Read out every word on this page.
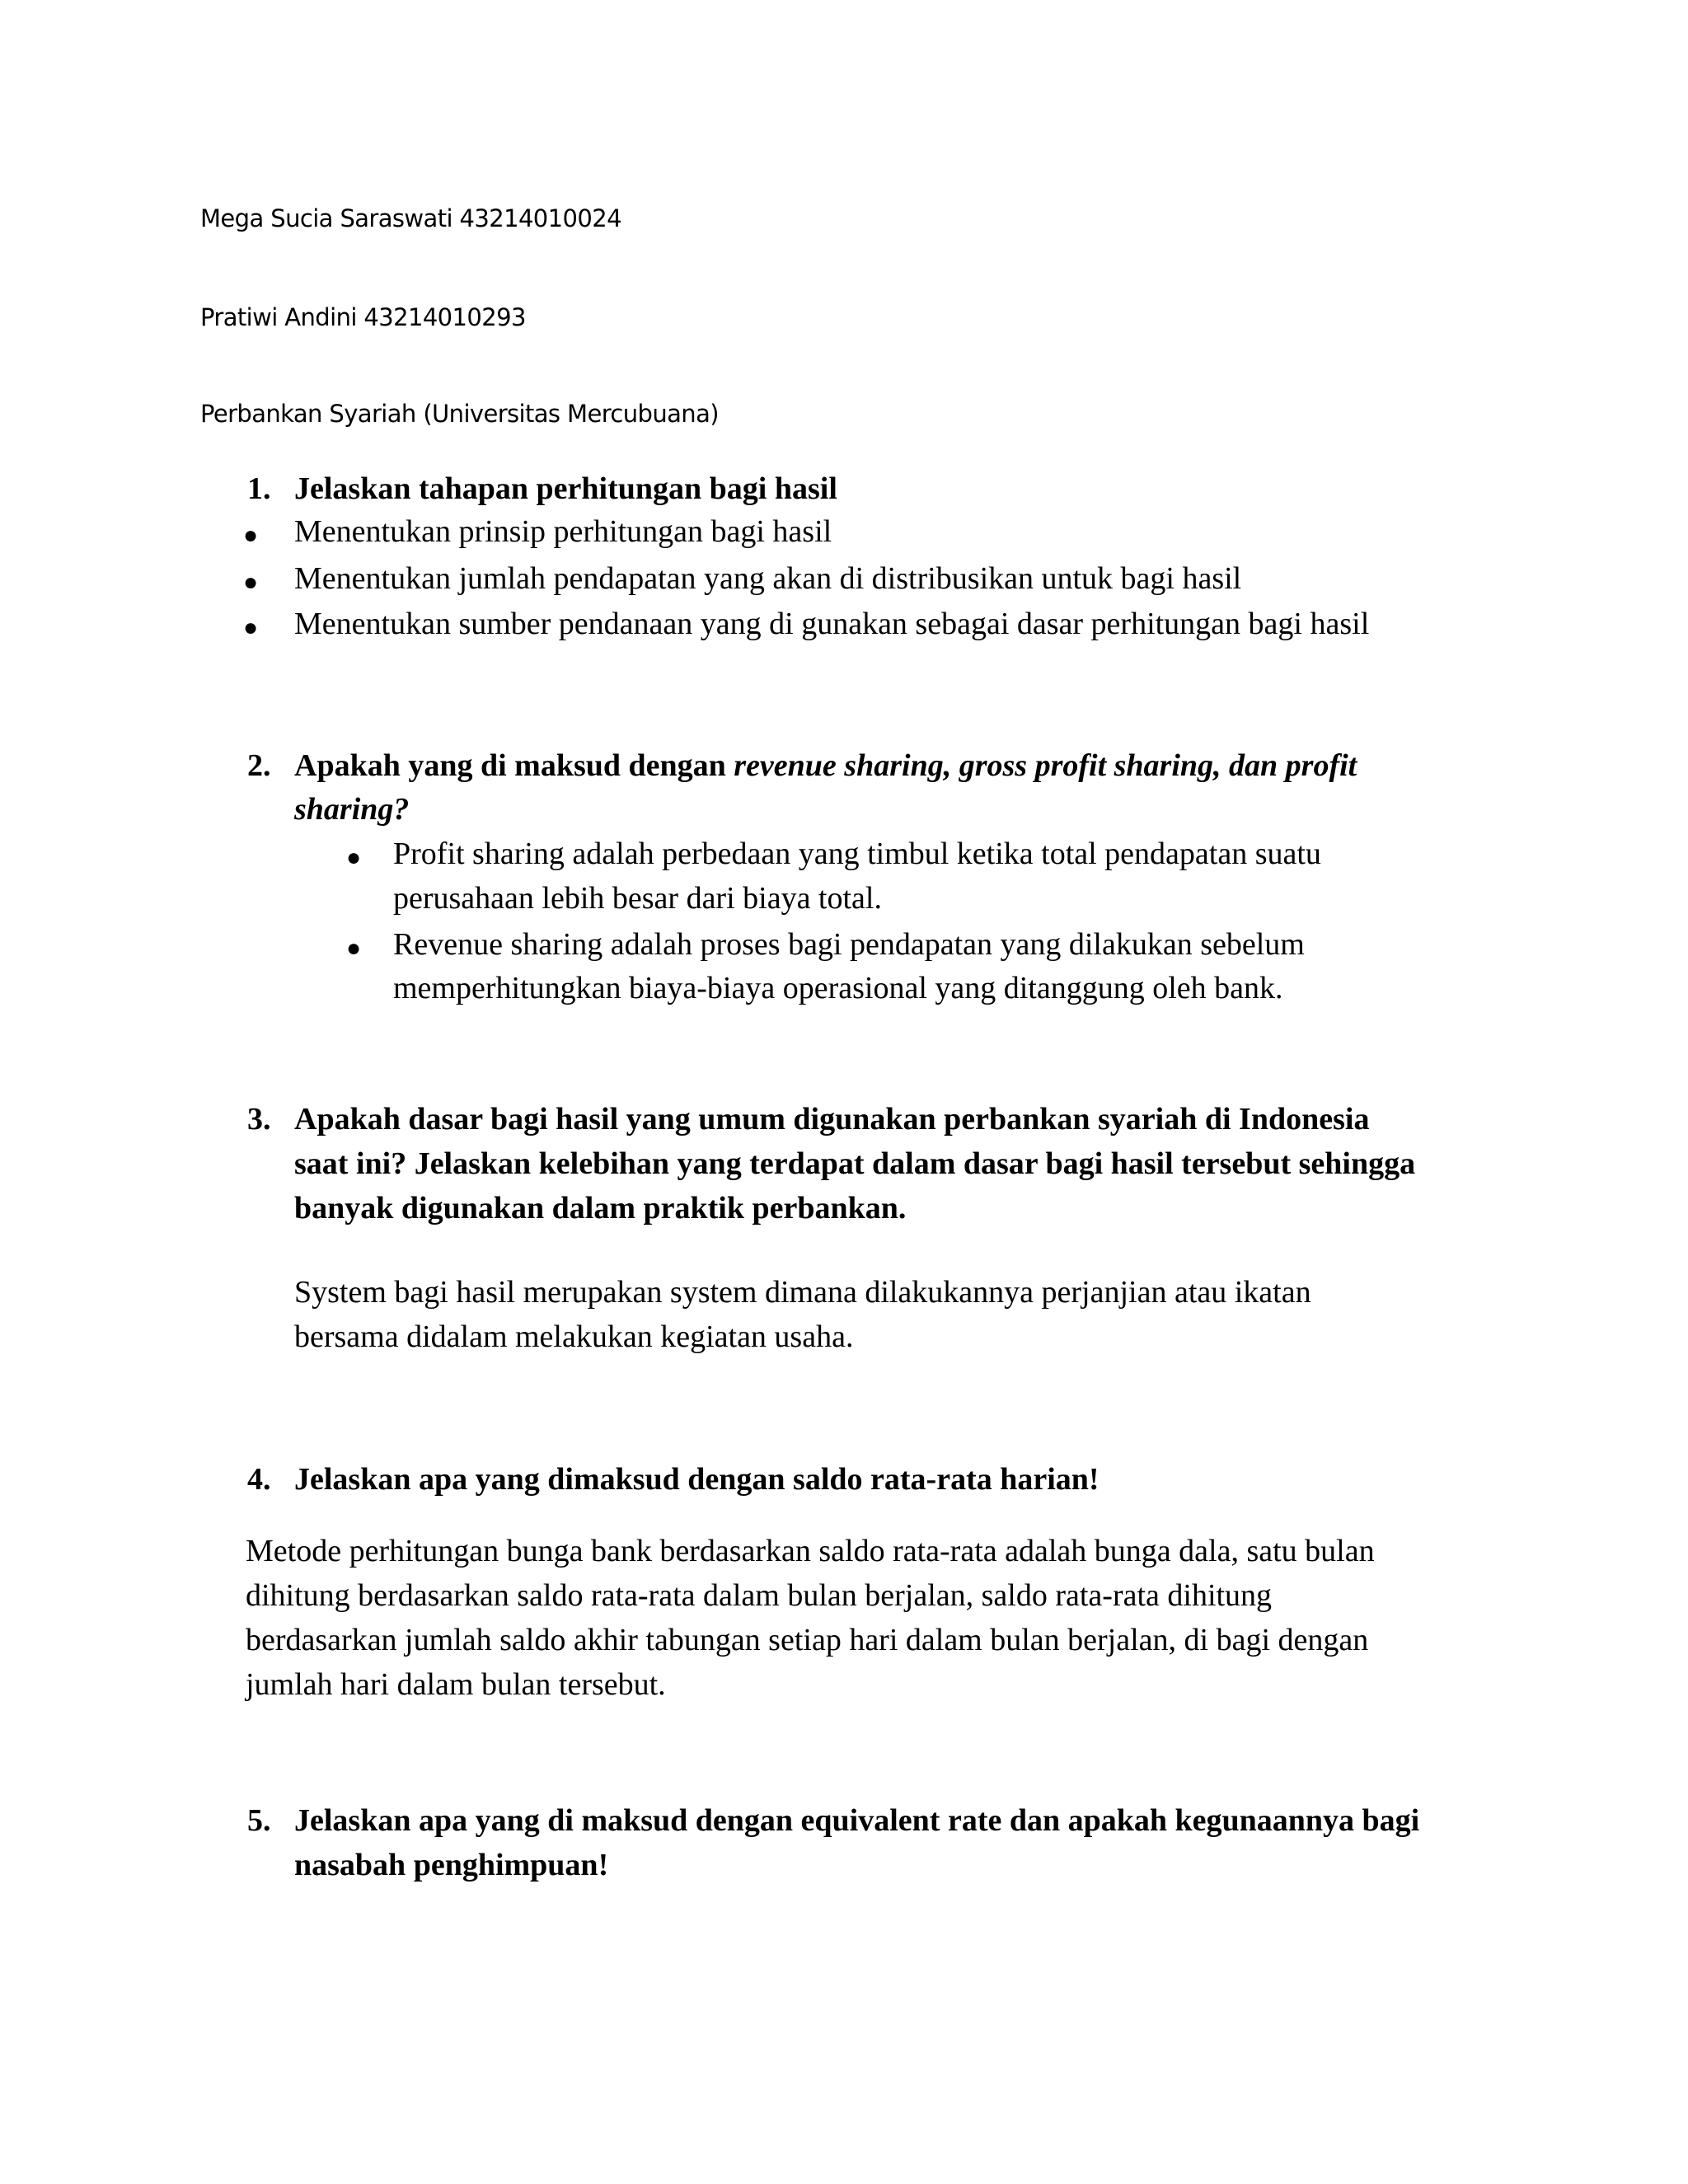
Mega Sucia Saraswati 43214010024
Pratiwi Andini 43214010293
Perbankan Syariah (Universitas Mercubuana)
1. Jelaskan tahapan perhitungan bagi hasil
● Menentukan prinsip perhitungan bagi hasil
● Menentukan jumlah pendapatan yang akan di distribusikan untuk bagi hasil
● Menentukan sumber pendanaan yang di gunakan sebagai dasar perhitungan bagi hasil
2. Apakah yang di maksud dengan revenue sharing, gross profit sharing, dan profit
sharing?
● Profit sharing adalah perbedaan yang timbul ketika total pendapatan suatu
perusahaan lebih besar dari biaya total.
● Revenue sharing adalah proses bagi pendapatan yang dilakukan sebelum
memperhitungkan biaya-biaya operasional yang ditanggung oleh bank.
3. Apakah dasar bagi hasil yang umum digunakan perbankan syariah di Indonesia
saat ini? Jelaskan kelebihan yang terdapat dalam dasar bagi hasil tersebut sehingga
banyak digunakan dalam praktik perbankan.
System bagi hasil merupakan system dimana dilakukannya perjanjian atau ikatan
bersama didalam melakukan kegiatan usaha.
4. Jelaskan apa yang dimaksud dengan saldo rata-rata harian!
Metode perhitungan bunga bank berdasarkan saldo rata-rata adalah bunga dala, satu bulan
dihitung berdasarkan saldo rata-rata dalam bulan berjalan, saldo rata-rata dihitung
berdasarkan jumlah saldo akhir tabungan setiap hari dalam bulan berjalan, di bagi dengan
jumlah hari dalam bulan tersebut.
5. Jelaskan apa yang di maksud dengan equivalent rate dan apakah kegunaannya bagi
nasabah penghimpuan!
